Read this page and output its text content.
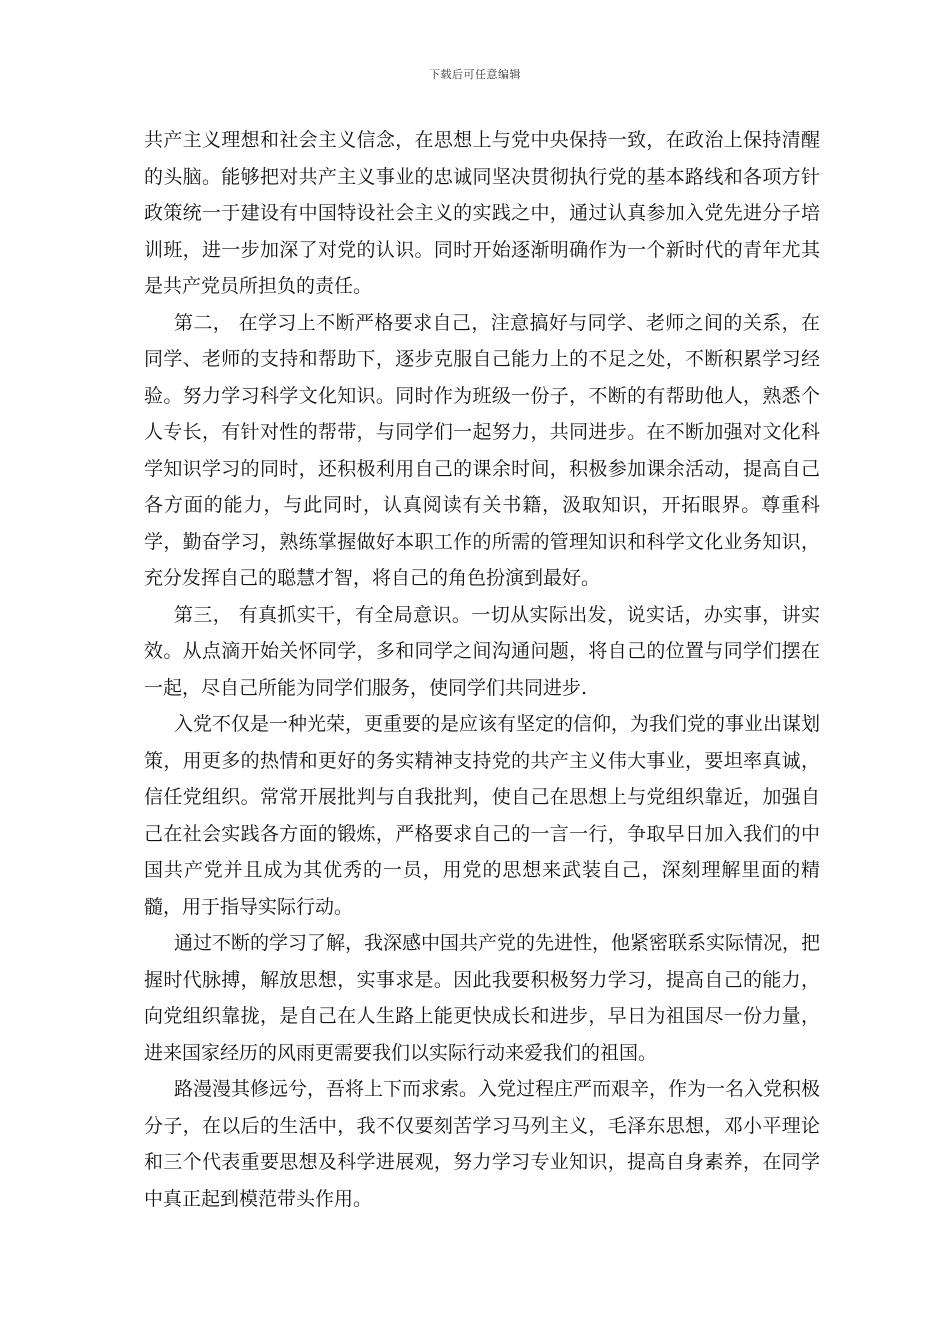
下载后可任意编辑

共产主义理想和社会主义信念，在思想上与党中央保持一致，在政治上保持清醒的头脑。能够把对共产主义事业的忠诚同坚决贯彻执行党的基本路线和各项方针政策统一于建设有中国特设社会主义的实践之中，通过认真参加入党先进分子培训班，进一步加深了对党的认识。同时开始逐渐明确作为一个新时代的青年尤其是共产党员所担负的责任。

第二， 在学习上不断严格要求自己，注意搞好与同学、老师之间的关系，在同学、老师的支持和帮助下，逐步克服自己能力上的不足之处，不断积累学习经验。努力学习科学文化知识。同时作为班级一份子，不断的有帮助他人，熟悉个人专长，有针对性的帮带，与同学们一起努力，共同进步。在不断加强对文化科学知识学习的同时，还积极利用自己的课余时间，积极参加课余活动，提高自己各方面的能力，与此同时，认真阅读有关书籍，汲取知识，开拓眼界。尊重科学，勤奋学习，熟练掌握做好本职工作的所需的管理知识和科学文化业务知识，充分发挥自己的聪慧才智，将自己的角色扮演到最好。

第三， 有真抓实干，有全局意识。一切从实际出发，说实话，办实事，讲实效。从点滴开始关怀同学，多和同学之间沟通问题，将自己的位置与同学们摆在一起，尽自己所能为同学们服务，使同学们共同进步.

入党不仅是一种光荣，更重要的是应该有坚定的信仰，为我们党的事业出谋划策，用更多的热情和更好的务实精神支持党的共产主义伟大事业，要坦率真诚，信任党组织。常常开展批判与自我批判，使自己在思想上与党组织靠近，加强自己在社会实践各方面的锻炼，严格要求自己的一言一行，争取早日加入我们的中国共产党并且成为其优秀的一员，用党的思想来武装自己，深刻理解里面的精髓，用于指导实际行动。

通过不断的学习了解，我深感中国共产党的先进性，他紧密联系实际情况，把握时代脉搏，解放思想，实事求是。因此我要积极努力学习，提高自己的能力，向党组织靠拢，是自己在人生路上能更快成长和进步，早日为祖国尽一份力量，进来国家经历的风雨更需要我们以实际行动来爱我们的祖国。

路漫漫其修远兮，吾将上下而求索。入党过程庄严而艰辛，作为一名入党积极分子，在以后的生活中，我不仅要刻苦学习马列主义，毛泽东思想，邓小平理论和三个代表重要思想及科学进展观，努力学习专业知识，提高自身素养，在同学中真正起到模范带头作用。
